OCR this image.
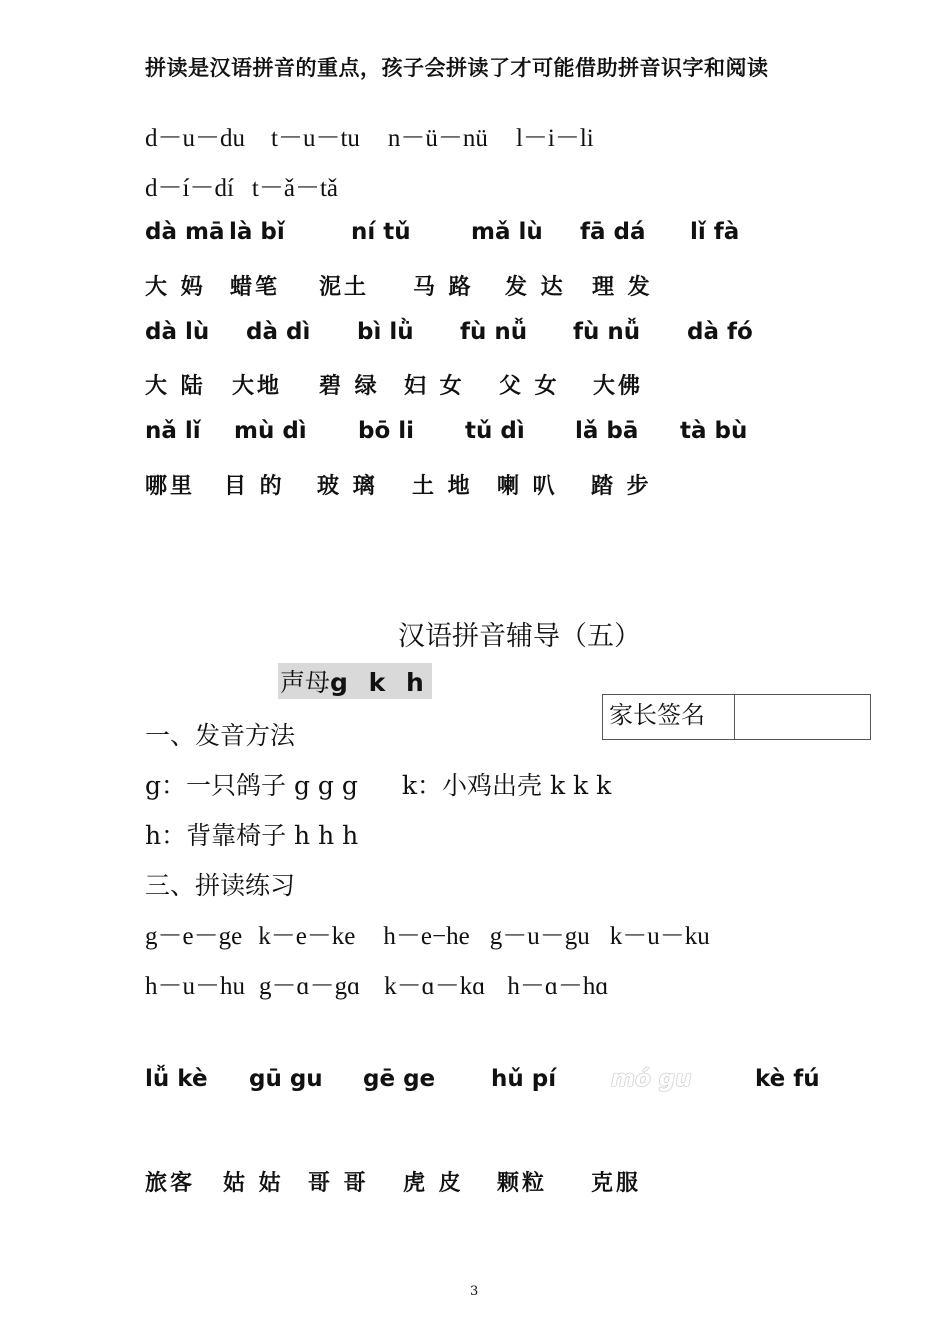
拼读是汉语拼音的重点，孩子会拼读了才可能借助拼音识字和阅读
d－u－du t－u－tu n－ü－nü l－i－li
d－í－dí t－ǎ－tǎ
dà mā là bǐ	ní tǔ	mǎ lù fā dá lǐ fà
大 妈 蜡笔 泥土 马 路 发 达 理 发
dà lù dà dì bì lǜ fù nǚ fù nǚ dà fó
大 陆 大地 碧 绿 妇 女 父 女 大佛
nǎ lǐ mù dì bō li tǔ dì lǎ bā tà bù
哪里 目 的 玻 璃 土 地 喇 叭 踏 步
汉语拼音辅导（五）
声母g k h
家长签名	
一、发音方法
g：一只鸽子 g g g k：小鸡出壳 k k k
h：背靠椅子 h h h
三、拼读练习
g－e－ge k－e－ke h－e−he g－u－gu k－u－ku
h－u－hu g－ɑ－gɑ k－ɑ－kɑ h－ɑ－hɑ
lǚ kè gū gu gē ge hǔ pí mó gu	kè fú
旅客 姑 姑 哥 哥 虎 皮 颗粒 克服
3
